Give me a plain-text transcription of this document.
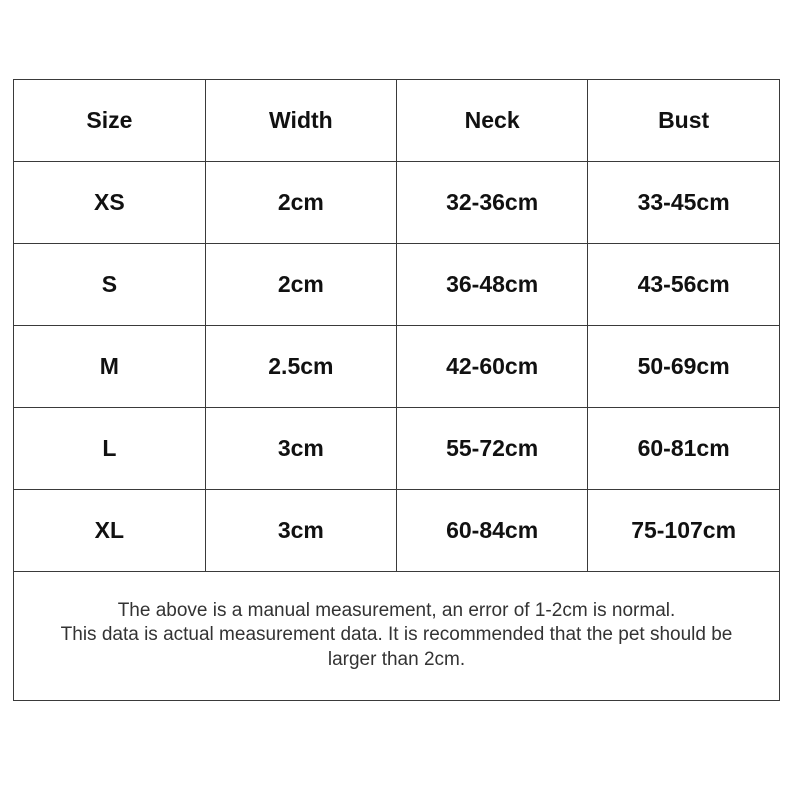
Size	Width	Neck	Bust
XS	2cm	32-36cm	33-45cm
S	2cm	36-48cm	43-56cm
M	2.5cm	42-60cm	50-69cm
L	3cm	55-72cm	60-81cm
XL	3cm	60-84cm	75-107cm
The above is a manual measurement, an error of 1-2cm is normal.
This data is actual measurement data. It is recommended that the pet should be
larger than 2cm.
